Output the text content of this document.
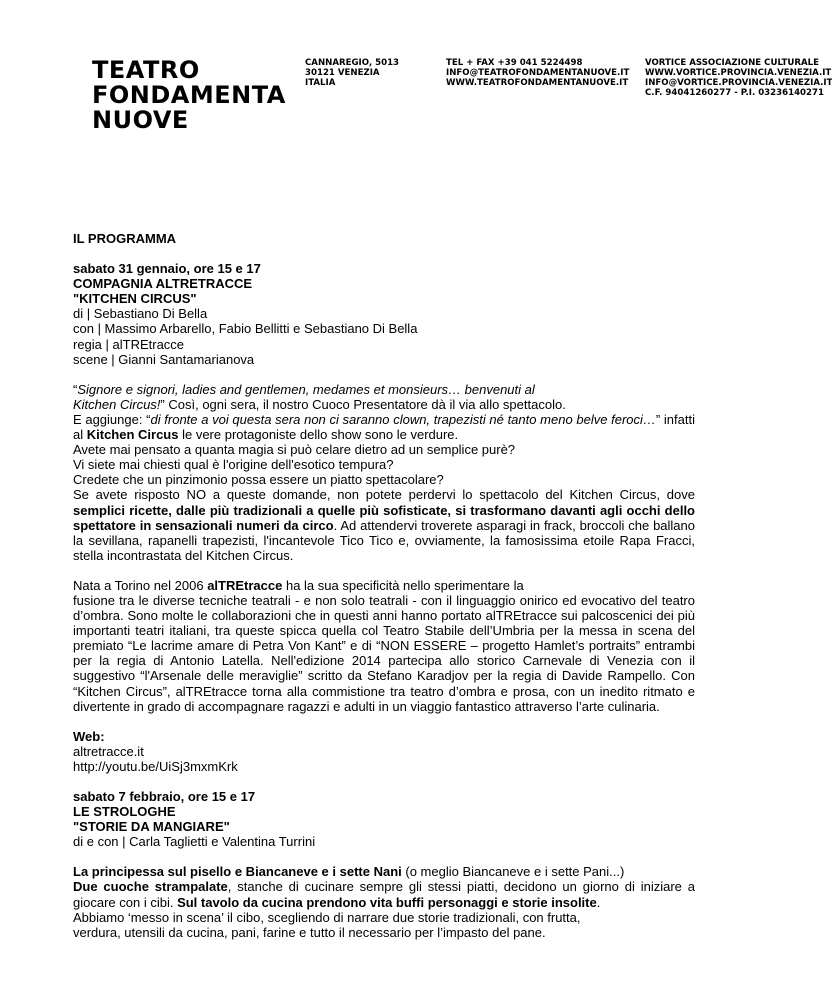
TEATRO
FONDAMENTA
NUOVE
CANNAREGIO, 5013
30121 VENEZIA
ITALIA
TEL + FAX +39 041 5224498
INFO@TEATROFONDAMENTANUOVE.IT
WWW.TEATROFONDAMENTANUOVE.IT
VORTICE ASSOCIAZIONE CULTURALE
WWW.VORTICE.PROVINCIA.VENEZIA.IT
INFO@VORTICE.PROVINCIA.VENEZIA.IT
C.F. 94041260277 - P.I. 03236140271

IL PROGRAMMA

sabato 31 gennaio, ore 15 e 17

COMPAGNIA ALTRETRACCE

"KITCHEN CIRCUS"

di | Sebastiano Di Bella

con | Massimo Arbarello, Fabio Bellitti e Sebastiano Di Bella

regia | alTREtracce

scene | Gianni Santamarianova

“Signore e signori, ladies and gentlemen, medames et monsieurs… benvenuti al

Kitchen Circus!” Così, ogni sera, il nostro Cuoco Presentatore dà il via allo spettacolo.

E aggiunge: “di fronte a voi questa sera non ci saranno clown, trapezisti né tanto meno belve feroci…” infatti al Kitchen Circus le vere protagoniste dello show sono le verdure.

Avete mai pensato a quanta magia si può celare dietro ad un semplice purè?

Vi siete mai chiesti qual è l'origine dell'esotico tempura?

Credete che un pinzimonio possa essere un piatto spettacolare?

Se avete risposto NO a queste domande, non potete perdervi lo spettacolo del Kitchen Circus, dove semplici ricette, dalle più tradizionali a quelle più sofisticate, si trasformano davanti agli occhi dello spettatore in sensazionali numeri da circo. Ad attendervi troverete asparagi in frack, broccoli che ballano la sevillana, rapanelli trapezisti, l'incantevole Tico Tico e, ovviamente, la famosissima etoile Rapa Fracci, stella incontrastata del Kitchen Circus.

Nata a Torino nel 2006 alTREtracce ha la sua specificità nello sperimentare la

fusione tra le diverse tecniche teatrali - e non solo teatrali - con il linguaggio onirico ed evocativo del teatro d’ombra. Sono molte le collaborazioni che in questi anni hanno portato alTREtracce sui palcoscenici dei più importanti teatri italiani, tra queste spicca quella col Teatro Stabile dell’Umbria per la messa in scena del premiato “Le lacrime amare di Petra Von Kant” e di “NON ESSERE – progetto Hamlet’s portraits” entrambi per la regia di Antonio Latella. Nell'edizione 2014 partecipa allo storico Carnevale di Venezia con il suggestivo “l'Arsenale delle meraviglie” scritto da Stefano Karadjov per la regia di Davide Rampello. Con “Kitchen Circus”, alTREtracce torna alla commistione tra teatro d’ombra e prosa, con un inedito ritmato e divertente in grado di accompagnare ragazzi e adulti in un viaggio fantastico attraverso l’arte culinaria.

Web:

altretracce.it

http://youtu.be/UiSj3mxmKrk

sabato 7 febbraio, ore 15 e 17

LE STROLOGHE

"STORIE DA MANGIARE"

di e con | Carla Taglietti e Valentina Turrini

La principessa sul pisello e Biancaneve e i sette Nani (o meglio Biancaneve e i sette Pani...)

Due cuoche strampalate, stanche di cucinare sempre gli stessi piatti, decidono un giorno di iniziare a giocare con i cibi. Sul tavolo da cucina prendono vita buffi personaggi e storie insolite.

Abbiamo ‘messo in scena’ il cibo, scegliendo di narrare due storie tradizionali, con frutta,

verdura, utensili da cucina, pani, farine e tutto il necessario per l’impasto del pane.
